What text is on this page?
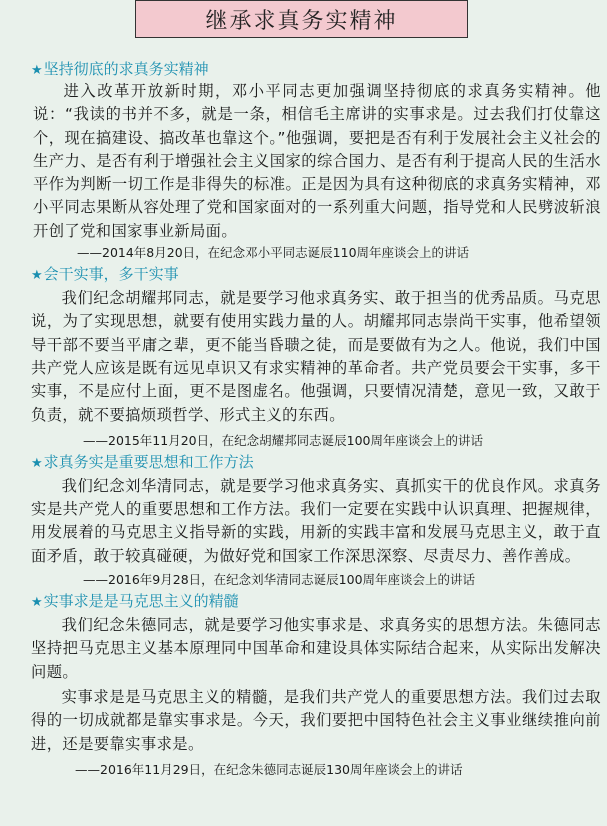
继承求真务实精神
★坚持彻底的求真务实精神

进入改革开放新时期，邓小平同志更加强调坚持彻底的求真务实精神。他说：“我读的书并不多，就是一条，相信毛主席讲的实事求是。过去我们打仗靠这个，现在搞建设、搞改革也靠这个。”他强调，要把是否有利于发展社会主义社会的生产力、是否有利于增强社会主义国家的综合国力、是否有利于提高人民的生活水平作为判断一切工作是非得失的标准。正是因为具有这种彻底的求真务实精神，邓小平同志果断从容处理了党和国家面对的一系列重大问题，指导党和人民劈波斩浪开创了党和国家事业新局面。

——2014年8月20日，在纪念邓小平同志诞辰110周年座谈会上的讲话
★会干实事，多干实事

我们纪念胡耀邦同志，就是要学习他求真务实、敢于担当的优秀品质。马克思说，为了实现思想，就要有使用实践力量的人。胡耀邦同志崇尚干实事，他希望领导干部不要当平庸之辈，更不能当昏聩之徒，而是要做有为之人。他说，我们中国共产党人应该是既有远见卓识又有求实精神的革命者。共产党员要会干实事，多干实事，不是应付上面，更不是图虚名。他强调，只要情况清楚，意见一致，又敢于负责，就不要搞烦琐哲学、形式主义的东西。

——2015年11月20日，在纪念胡耀邦同志诞辰100周年座谈会上的讲话
★求真务实是重要思想和工作方法

我们纪念刘华清同志，就是要学习他求真务实、真抓实干的优良作风。求真务实是共产党人的重要思想和工作方法。我们一定要在实践中认识真理、把握规律，用发展着的马克思主义指导新的实践，用新的实践丰富和发展马克思主义，敢于直面矛盾，敢于较真碰硬，为做好党和国家工作深思深察、尽责尽力、善作善成。

——2016年9月28日，在纪念刘华清同志诞辰100周年座谈会上的讲话
★实事求是是马克思主义的精髓

我们纪念朱德同志，就是要学习他实事求是、求真务实的思想方法。朱德同志坚持把马克思主义基本原理同中国革命和建设具体实际结合起来，从实际出发解决问题。

实事求是是马克思主义的精髓，是我们共产党人的重要思想方法。我们过去取得的一切成就都是靠实事求是。今天，我们要把中国特色社会主义事业继续推向前进，还是要靠实事求是。

——2016年11月29日，在纪念朱德同志诞辰130周年座谈会上的讲话
